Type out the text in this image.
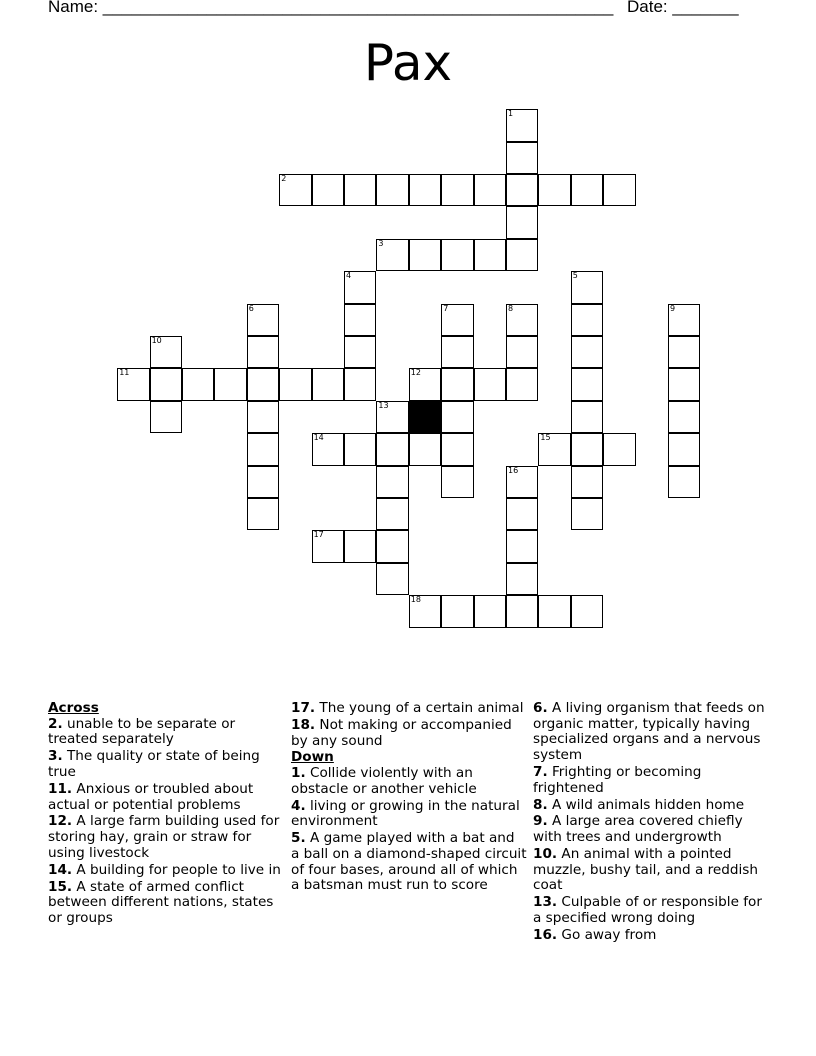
Name: ______________________________________________________ Date: _______
Pax
1
2
3
4	5
6	7	8	9
10
11	12
13
14	15
16
17
18
Across
2. unable to be separate or treated separately
3. The quality or state of being true
11. Anxious or troubled about actual or potential problems
12. A large farm building used for storing hay, grain or straw for using livestock
14. A building for people to live in
15. A state of armed conflict between different nations, states or groups
17. The young of a certain animal
18. Not making or accompanied by any sound
Down
1. Collide violently with an obstacle or another vehicle
4. living or growing in the natural environment
5. A game played with a bat and a ball on a diamond-shaped circuit of four bases, around all of which a batsman must run to score
6. A living organism that feeds on organic matter, typically having specialized organs and a nervous system
7. Frighting or becoming frightened
8. A wild animals hidden home
9. A large area covered chiefly with trees and undergrowth
10. An animal with a pointed muzzle, bushy tail, and a reddish coat
13. Culpable of or responsible for a specified wrong doing
16. Go away from
